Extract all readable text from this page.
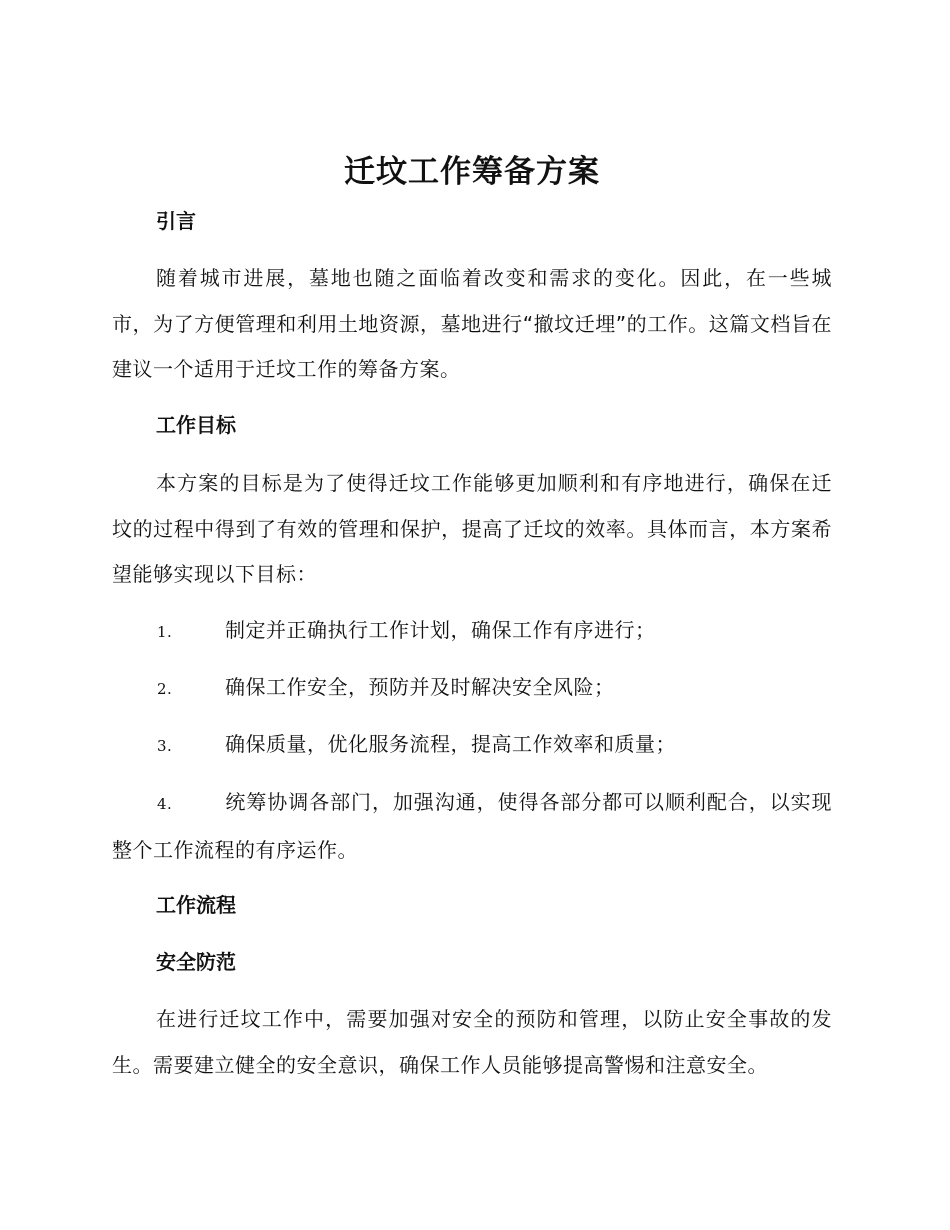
迁坟工作筹备方案
引言
随着城市进展，墓地也随之面临着改变和需求的变化。因此，在一些城市，为了方便管理和利用土地资源，墓地进行“撤坟迁埋”的工作。这篇文档旨在建议一个适用于迁坟工作的筹备方案。
工作目标
本方案的目标是为了使得迁坟工作能够更加顺利和有序地进行，确保在迁坟的过程中得到了有效的管理和保护，提高了迁坟的效率。具体而言，本方案希望能够实现以下目标：
1.	制定并正确执行工作计划，确保工作有序进行；
2.	确保工作安全，预防并及时解决安全风险；
3.	确保质量，优化服务流程，提高工作效率和质量；
4.	统筹协调各部门，加强沟通，使得各部分都可以顺利配合，以实现整个工作流程的有序运作。
工作流程
安全防范
在进行迁坟工作中，需要加强对安全的预防和管理，以防止安全事故的发生。需要建立健全的安全意识，确保工作人员能够提高警惕和注意安全。
